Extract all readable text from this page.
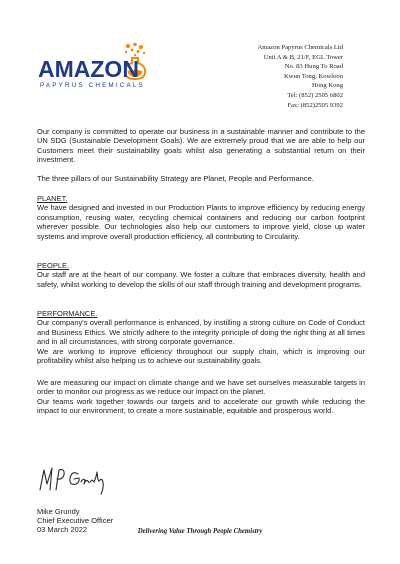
AMAZON
PAPYRUS CHEMICALS
Amazon Papyrus Chemicals Ltd
Unit A & B, 21/F, EGL Tower
No. 83 Hung To Road
Kwun Tong, Kowloon
Hong Kong
Tel: (852) 2505 6802
Fax: (852)2505 9392

Our company is committed to operate our business in a sustainable manner and contribute to the UN SDG (Sustainable Development Goals). We are extremely proud that we are able to help our Customers meet their sustainability goals whilst also generating a substantial return on their investment.

The three pillars of our Sustainability Strategy are Planet, People and Performance.

PLANET.

We have designed and invested in our Production Plants to improve efficiency by reducing energy consumption, reusing water, recycling chemical containers and reducing our carbon footprint wherever possible. Our technologies also help our customers to improve yield, close up water systems and improve overall production efficiency, all contributing to Circularity.

PEOPLE.

Our staff are at the heart of our company. We foster a culture that embraces diversity, health and safety, whilst working to develop the skills of our staff through training and development programs.

PERFORMANCE.

Our company's overall performance is enhanced, by instilling a strong culture on Code of Conduct and Business Ethics. We strictly adhere to the integrity principle of doing the right thing at all times and in all circumstances, with strong corporate governance.

We are working to improve efficiency throughout our supply chain, which is improving our profitability whilst also helping us to achieve our sustainability goals.

We are measuring our impact on climate change and we have set ourselves measurable targets in order to monitor our progress as we reduce our impact on the planet.

Our teams work together towards our targets and to accelerate our growth while reducing the impact to our environment, to create a more sustainable, equitable and prosperous world.

Mike Grundy
Chief Executive Officer
03 March 2022	Delivering Value Through People Chemistry
